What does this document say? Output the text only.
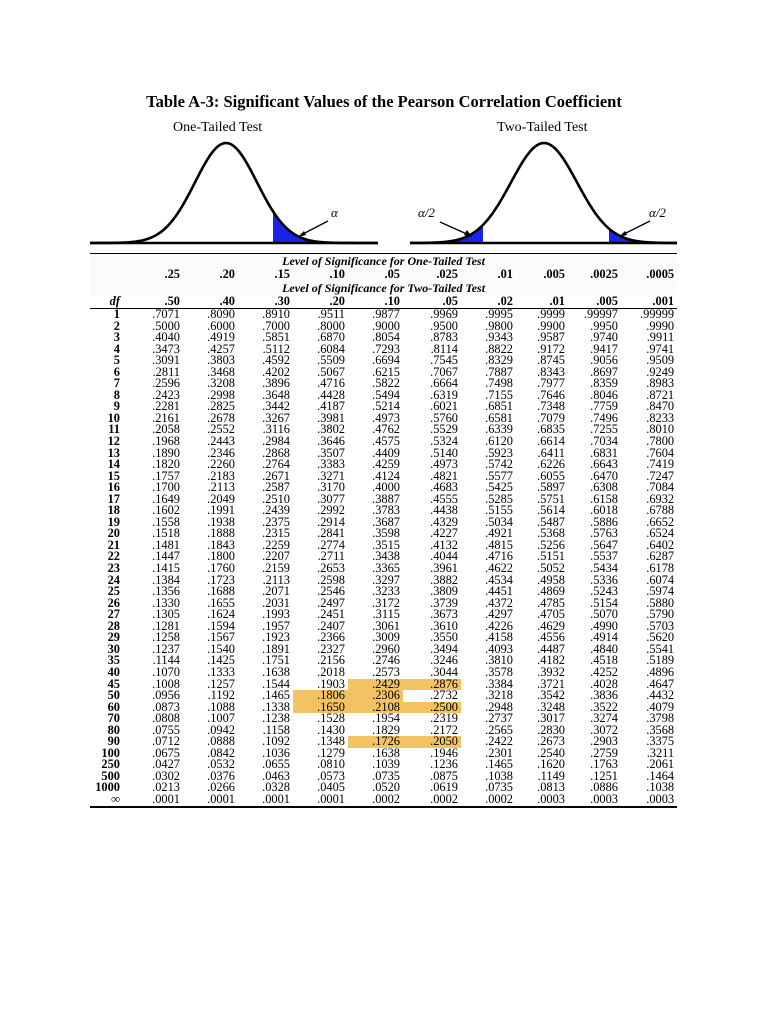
Table A-3: Significant Values of the Pearson Correlation Coefficient
One-Tailed Test	Two-Tailed Test
α	α/2	α/2
Level of Significance for One-Tailed Test										
	.25	.20	.15	.10	.05	.025	.01	.005	.0025	.0005
Level of Significance for Two-Tailed Test										
df	.50	.40	.30	.20	.10	.05	.02	.01	.005	.001
1	.7071	.8090	.8910	.9511	.9877	.9969	.9995	.9999	.99997	.99999
2	.5000	.6000	.7000	.8000	.9000	.9500	.9800	.9900	.9950	.9990
3	.4040	.4919	.5851	.6870	.8054	.8783	.9343	.9587	.9740	.9911
4	.3473	.4257	.5112	.6084	.7293	.8114	.8822	.9172	.9417	.9741
5	.3091	.3803	.4592	.5509	.6694	.7545	.8329	.8745	.9056	.9509
6	.2811	.3468	.4202	.5067	.6215	.7067	.7887	.8343	.8697	.9249
7	.2596	.3208	.3896	.4716	.5822	.6664	.7498	.7977	.8359	.8983
8	.2423	.2998	.3648	.4428	.5494	.6319	.7155	.7646	.8046	.8721
9	.2281	.2825	.3442	.4187	.5214	.6021	.6851	.7348	.7759	.8470
10	.2161	.2678	.3267	.3981	.4973	.5760	.6581	.7079	.7496	.8233
11	.2058	.2552	.3116	.3802	.4762	.5529	.6339	.6835	.7255	.8010
12	.1968	.2443	.2984	.3646	.4575	.5324	.6120	.6614	.7034	.7800
13	.1890	.2346	.2868	.3507	.4409	.5140	.5923	.6411	.6831	.7604
14	.1820	.2260	.2764	.3383	.4259	.4973	.5742	.6226	.6643	.7419
15	.1757	.2183	.2671	.3271	.4124	.4821	.5577	.6055	.6470	.7247
16	.1700	.2113	.2587	.3170	.4000	.4683	.5425	.5897	.6308	.7084
17	.1649	.2049	.2510	.3077	.3887	.4555	.5285	.5751	.6158	.6932
18	.1602	.1991	.2439	.2992	.3783	.4438	.5155	.5614	.6018	.6788
19	.1558	.1938	.2375	.2914	.3687	.4329	.5034	.5487	.5886	.6652
20	.1518	.1888	.2315	.2841	.3598	.4227	.4921	.5368	.5763	.6524
21	.1481	.1843	.2259	.2774	.3515	.4132	.4815	.5256	.5647	.6402
22	.1447	.1800	.2207	.2711	.3438	.4044	.4716	.5151	.5537	.6287
23	.1415	.1760	.2159	.2653	.3365	.3961	.4622	.5052	.5434	.6178
24	.1384	.1723	.2113	.2598	.3297	.3882	.4534	.4958	.5336	.6074
25	.1356	.1688	.2071	.2546	.3233	.3809	.4451	.4869	.5243	.5974
26	.1330	.1655	.2031	.2497	.3172	.3739	.4372	.4785	.5154	.5880
27	.1305	.1624	.1993	.2451	.3115	.3673	.4297	.4705	.5070	.5790
28	.1281	.1594	.1957	.2407	.3061	.3610	.4226	.4629	.4990	.5703
29	.1258	.1567	.1923	.2366	.3009	.3550	.4158	.4556	.4914	.5620
30	.1237	.1540	.1891	.2327	.2960	.3494	.4093	.4487	.4840	.5541
35	.1144	.1425	.1751	.2156	.2746	.3246	.3810	.4182	.4518	.5189
40	.1070	.1333	.1638	.2018	.2573	.3044	.3578	.3932	.4252	.4896
45	.1008	.1257	.1544	.1903	.2429	.2876	.3384	.3721	.4028	.4647
50	.0956	.1192	.1465	.1806	.2306	.2732	.3218	.3542	.3836	.4432
60	.0873	.1088	.1338	.1650	.2108	.2500	.2948	.3248	.3522	.4079
70	.0808	.1007	.1238	.1528	.1954	.2319	.2737	.3017	.3274	.3798
80	.0755	.0942	.1158	.1430	.1829	.2172	.2565	.2830	.3072	.3568
90	.0712	.0888	.1092	.1348	.1726	.2050	.2422	.2673	.2903	.3375
100	.0675	.0842	.1036	.1279	.1638	.1946	.2301	.2540	.2759	.3211
250	.0427	.0532	.0655	.0810	.1039	.1236	.1465	.1620	.1763	.2061
500	.0302	.0376	.0463	.0573	.0735	.0875	.1038	.1149	.1251	.1464
1000	.0213	.0266	.0328	.0405	.0520	.0619	.0735	.0813	.0886	.1038
∞	.0001	.0001	.0001	.0001	.0002	.0002	.0002	.0003	.0003	.0003
